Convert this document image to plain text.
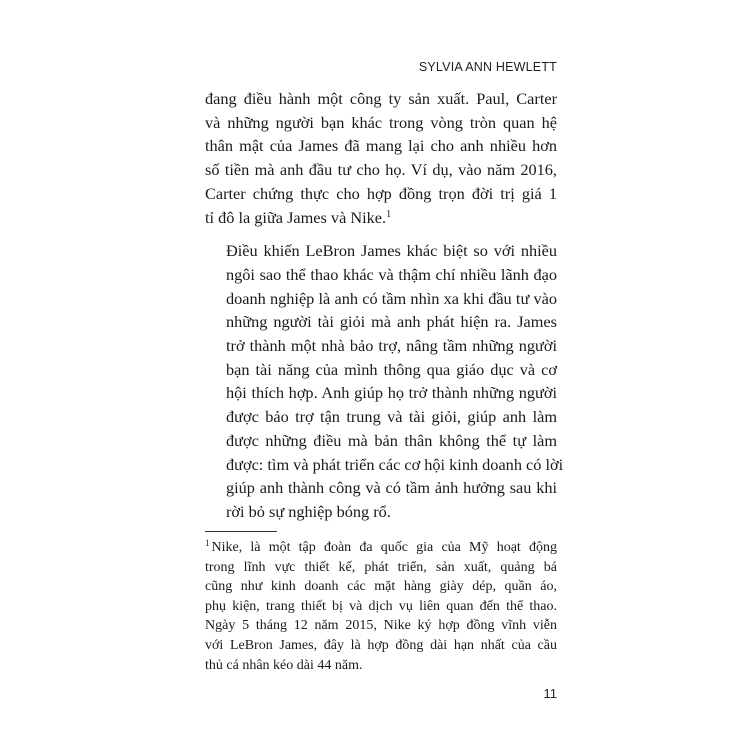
SYLVIA ANN HEWLETT

đang điều hành một công ty sản xuất. Paul, Carter
và những người bạn khác trong vòng tròn quan hệ
thân mật của James đã mang lại cho anh nhiều hơn
số tiền mà anh đầu tư cho họ. Ví dụ, vào năm 2016,
Carter chứng thực cho hợp đồng trọn đời trị giá 1
tỉ đô la giữa James và Nike.$^1$

Điều khiến LeBron James khác biệt so với nhiều
ngôi sao thể thao khác và thậm chí nhiều lãnh đạo
doanh nghiệp là anh có tầm nhìn xa khi đầu tư vào
những người tài giỏi mà anh phát hiện ra. James
trở thành một nhà bảo trợ, nâng tầm những người
bạn tài năng của mình thông qua giáo dục và cơ
hội thích hợp. Anh giúp họ trở thành những người
được bảo trợ tận trung và tài giỏi, giúp anh làm
được những điều mà bản thân không thể tự làm
được: tìm và phát triển các cơ hội kinh doanh có lời
giúp anh thành công và có tầm ảnh hưởng sau khi
rời bỏ sự nghiệp bóng rổ.

$^1$ Nike, là một tập đoàn đa quốc gia của Mỹ hoạt động
trong lĩnh vực thiết kế, phát triển, sản xuất, quảng bá
cũng như kinh doanh các mặt hàng giày dép, quần áo,
phụ kiện, trang thiết bị và dịch vụ liên quan đến thể thao.
Ngày 5 tháng 12 năm 2015, Nike ký hợp đồng vĩnh viễn
với LeBron James, đây là hợp đồng dài hạn nhất của cầu
thủ cá nhân kéo dài 44 năm.
11
